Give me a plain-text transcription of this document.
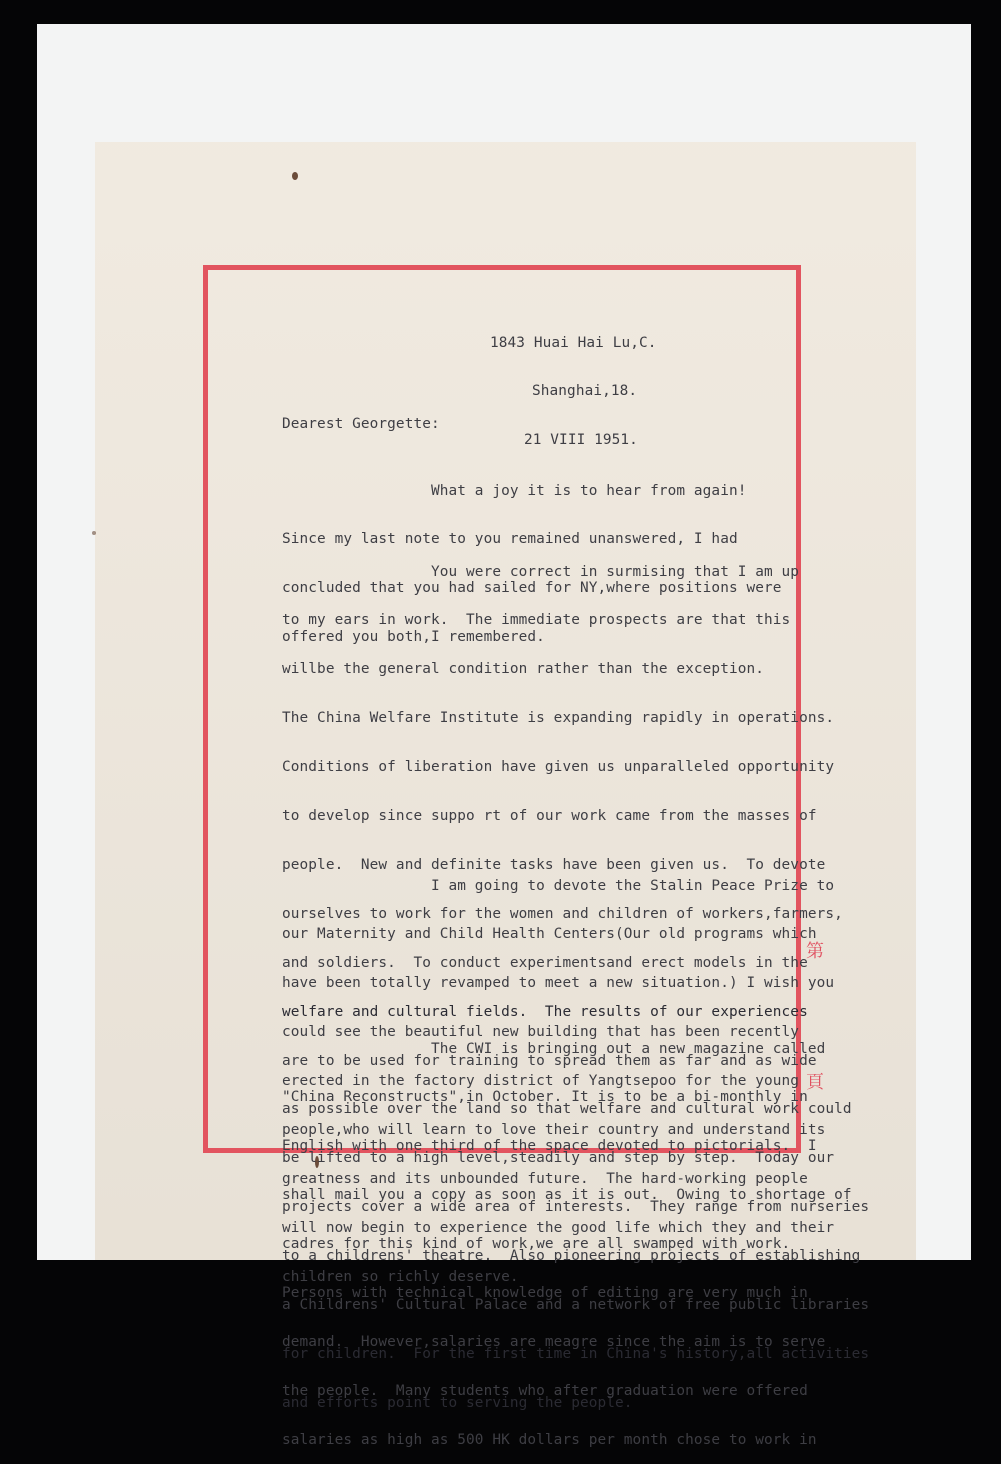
1843 Huai Hai Lu,C.

Shanghai,18.

21 VIII 1951.

Dearest Georgette:

What a joy it is to hear from again!

Since my last note to you remained unanswered, I had

concluded that you had sailed for NY,where positions were

offered you both,I remembered.

You were correct in surmising that I am up

to my ears in work.  The immediate prospects are that this

willbe the general condition rather than the exception.

The China Welfare Institute is expanding rapidly in operations.

Conditions of liberation have given us unparalleled opportunity

to develop since suppo rt of our work came from the masses of

people.  New and definite tasks have been given us.  To devote

ourselves to work for the women and children of workers,farmers,

and soldiers.  To conduct experimentsand erect models in the

welfare and cultural fields.  The results of our experiences

are to be used for training to spread them as far and as wide

as possible over the land so that welfare and cultural work could

be lifted to a high level,steadily and step by step.  Today our

projects cover a wide area of interests.  They range from nurseries

to a childrens' theatre.  Also pioneering projects of establishing

a Childrens' Cultural Palace and a network of free public libraries

for children.  For the first time in China's history,all activities

and efforts point to serving the people.

I am going to devote the Stalin Peace Prize to

our Maternity and Child Health Centers(Our old programs which

have been totally revamped to meet a new situation.) I wish you

could see the beautiful new building that has been recently

erected in the factory district of Yangtsepoo for the young

people,who will learn to love their country and understand its

greatness and its unbounded future.  The hard-working people

will now begin to experience the good life which they and their

children so richly deserve.

The CWI is bringing out a new magazine called

"China Reconstructs",in October. It is to be a bi-monthly in

English with one third of the space devoted to pictorials.  I

shall mail you a copy as soon as it is out.  Owing to shortage of

cadres for this kind of work,we are all swamped with work.

Persons with technical knowledge of editing are very much in

demand.  However,salaries are meagre since the aim is to serve

the people.  Many students who after graduation were offered

salaries as high as 500 HK dollars per month chose to work in

第
頁
